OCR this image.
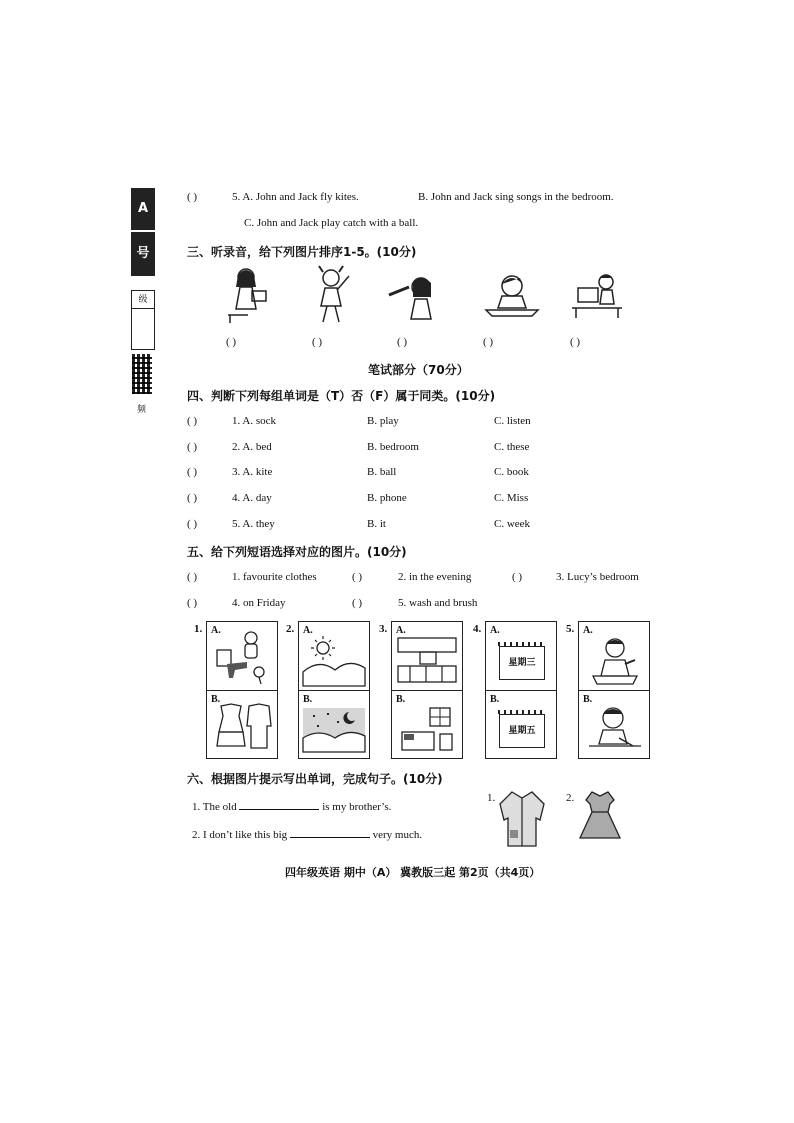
A
号
级
频
( )	5. A. John and Jack fly kites.	B. John and Jack sing songs in the bedroom.
C. John and Jack play catch with a ball.
三、听录音，给下列图片排序1-5。(10分)
( )	( )	( )	( )	( )
笔试部分（70分）
四、判断下列每组单词是（T）否（F）属于同类。(10分)
( )	1. A. sock	B. play	C. listen
( )	2. A. bed	B. bedroom	C. these
( )	3. A. kite	B. ball	C. book
( )	4. A. day	B. phone	C. Miss
( )	5. A. they	B. it	C. week
五、给下列短语选择对应的图片。(10分)
( )	1. favourite clothes	( )	2. in the evening	( )	3. Lucy’s bedroom
( )	4. on Friday	( )	5. wash and brush
1. A.
B.
2. A.
B.
3. A.
B.
4. A.
星期三
B.
星期五
5. A.
B.
六、根据图片提示写出单词，完成句子。(10分)
1. The old	is my brother’s.
2. I don’t like this big	very much.
1.	2.
四年级英语 期中（A） 冀教版三起 第2页（共4页）
